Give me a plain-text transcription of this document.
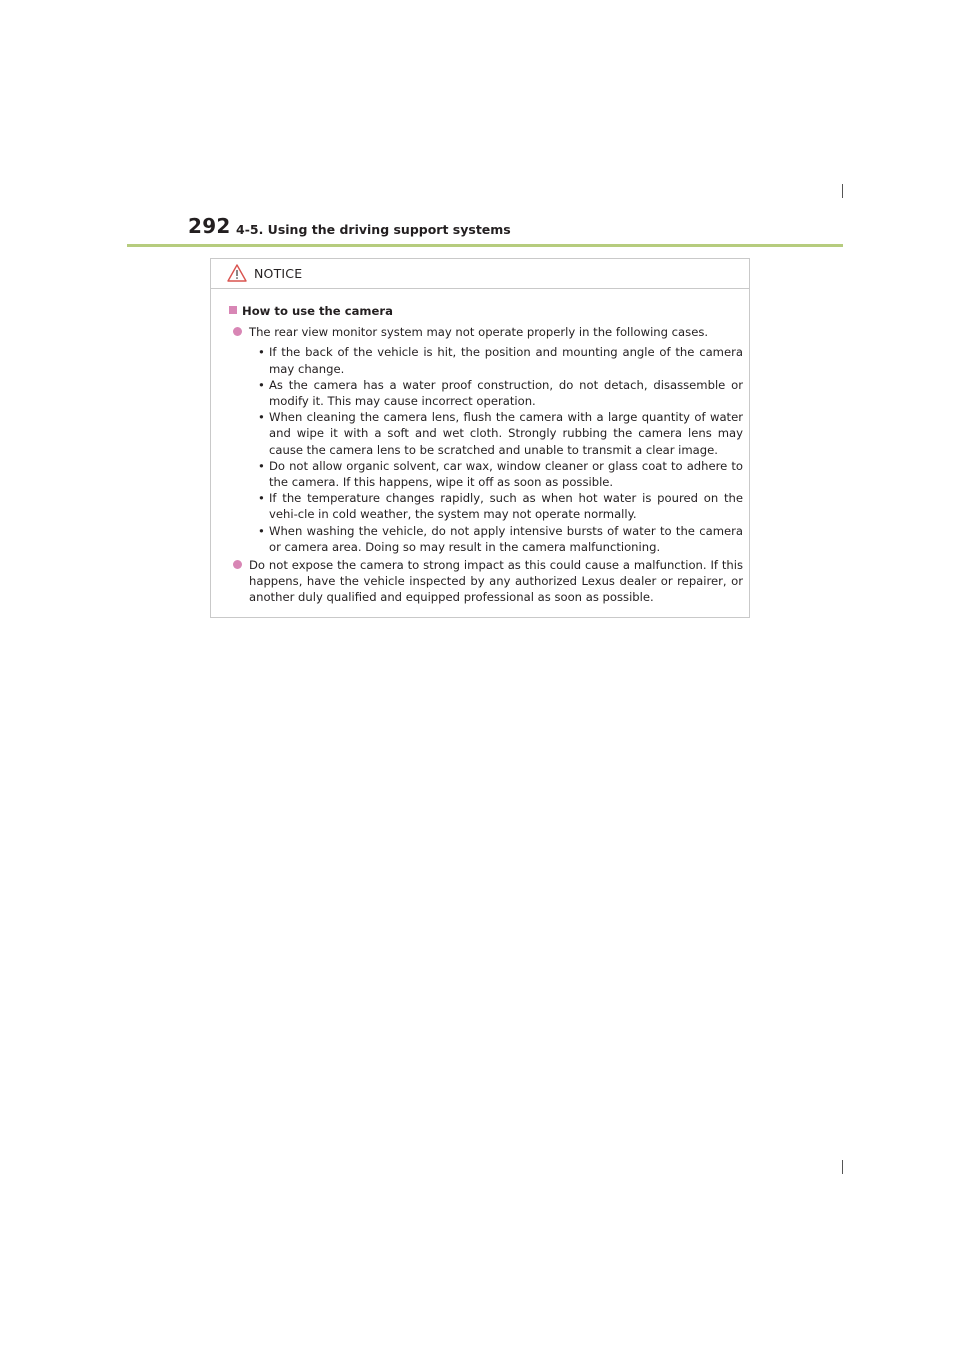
292 4-5. Using the driving support systems
NOTICE
How to use the camera
The rear view monitor system may not operate properly in the following cases.
• If the back of the vehicle is hit, the position and mounting angle of the camera may change.
• As the camera has a water proof construction, do not detach, disassemble or modify it. This may cause incorrect operation.
• When cleaning the camera lens, flush the camera with a large quantity of water and wipe it with a soft and wet cloth. Strongly rubbing the camera lens may cause the camera lens to be scratched and unable to transmit a clear image.
• Do not allow organic solvent, car wax, window cleaner or glass coat to adhere to the camera. If this happens, wipe it off as soon as possible.
• If the temperature changes rapidly, such as when hot water is poured on the vehi-cle in cold weather, the system may not operate normally.
• When washing the vehicle, do not apply intensive bursts of water to the camera or camera area. Doing so may result in the camera malfunctioning.
Do not expose the camera to strong impact as this could cause a malfunction. If this happens, have the vehicle inspected by any authorized Lexus dealer or repairer, or another duly qualified and equipped professional as soon as possible.
